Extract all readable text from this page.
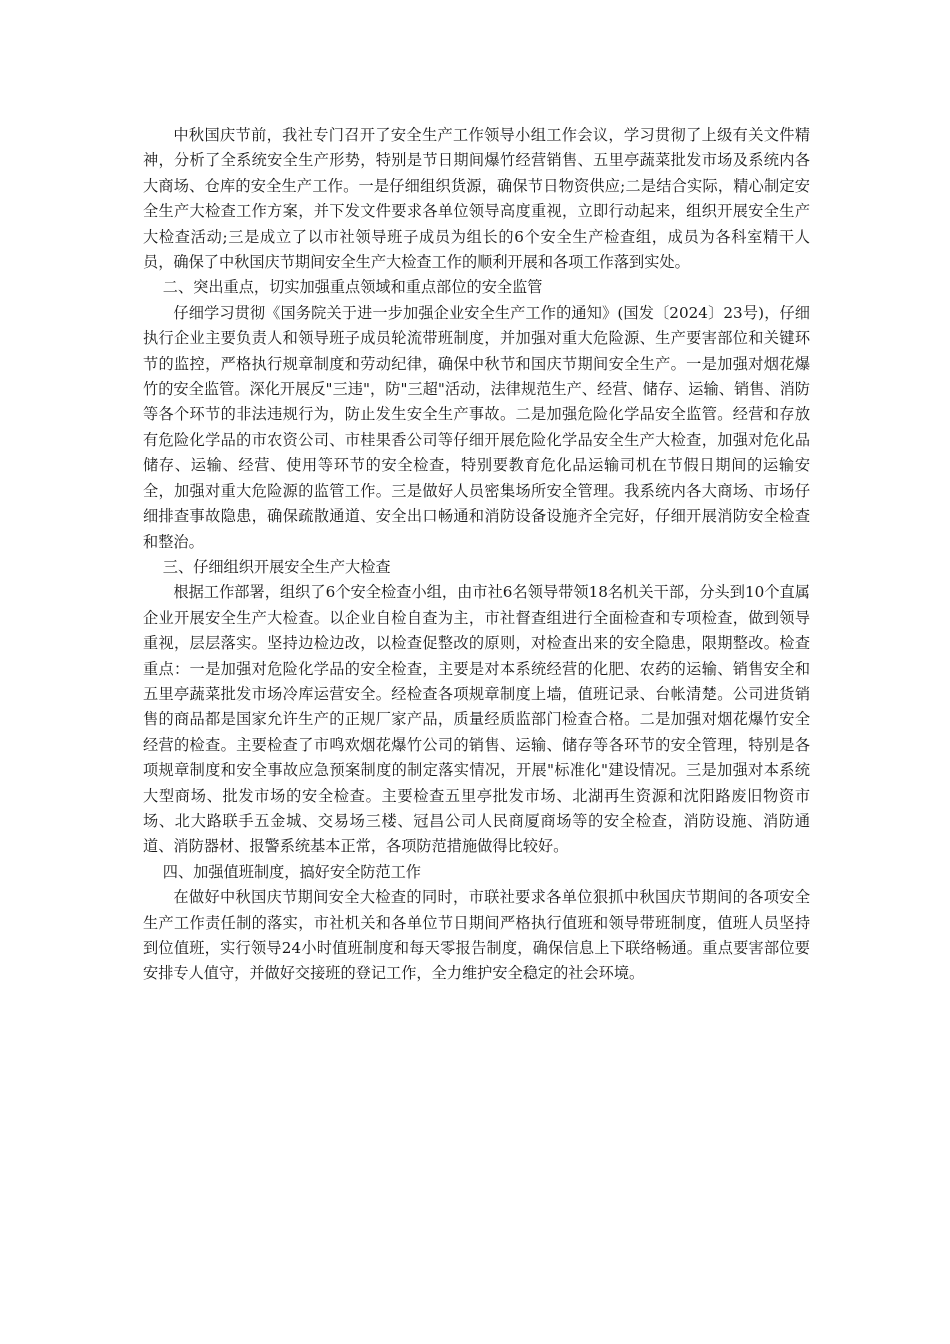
中秋国庆节前，我社专门召开了安全生产工作领导小组工作会议，学习贯彻了上级有关文件精神，分析了全系统安全生产形势，特别是节日期间爆竹经营销售、五里亭蔬菜批发市场及系统内各大商场、仓库的安全生产工作。一是仔细组织货源，确保节日物资供应;二是结合实际，精心制定安全生产大检查工作方案，并下发文件要求各单位领导高度重视，立即行动起来，组织开展安全生产大检查活动;三是成立了以市社领导班子成员为组长的6个安全生产检查组，成员为各科室精干人员，确保了中秋国庆节期间安全生产大检查工作的顺利开展和各项工作落到实处。

二、突出重点，切实加强重点领域和重点部位的安全监管

仔细学习贯彻《国务院关于进一步加强企业安全生产工作的通知》(国发〔2024〕23号)，仔细执行企业主要负责人和领导班子成员轮流带班制度，并加强对重大危险源、生产要害部位和关键环节的监控，严格执行规章制度和劳动纪律，确保中秋节和国庆节期间安全生产。一是加强对烟花爆竹的安全监管。深化开展反"三违"，防"三超"活动，法律规范生产、经营、储存、运输、销售、消防等各个环节的非法违规行为，防止发生安全生产事故。二是加强危险化学品安全监管。经营和存放有危险化学品的市农资公司、市桂果香公司等仔细开展危险化学品安全生产大检查，加强对危化品储存、运输、经营、使用等环节的安全检查，特别要教育危化品运输司机在节假日期间的运输安全，加强对重大危险源的监管工作。三是做好人员密集场所安全管理。我系统内各大商场、市场仔细排查事故隐患，确保疏散通道、安全出口畅通和消防设备设施齐全完好，仔细开展消防安全检查和整治。

三、仔细组织开展安全生产大检查

根据工作部署，组织了6个安全检查小组，由市社6名领导带领18名机关干部，分头到10个直属企业开展安全生产大检查。以企业自检自查为主，市社督查组进行全面检查和专项检查，做到领导重视，层层落实。坚持边检边改，以检查促整改的原则，对检查出来的安全隐患，限期整改。检查重点：一是加强对危险化学品的安全检查，主要是对本系统经营的化肥、农药的运输、销售安全和五里亭蔬菜批发市场冷库运营安全。经检查各项规章制度上墙，值班记录、台帐清楚。公司进货销售的商品都是国家允许生产的正规厂家产品，质量经质监部门检查合格。二是加强对烟花爆竹安全经营的检查。主要检查了市鸣欢烟花爆竹公司的销售、运输、储存等各环节的安全管理，特别是各项规章制度和安全事故应急预案制度的制定落实情况，开展"标准化"建设情况。三是加强对本系统大型商场、批发市场的安全检查。主要检查五里亭批发市场、北湖再生资源和沈阳路废旧物资市场、北大路联手五金城、交易场三楼、冠昌公司人民商厦商场等的安全检查，消防设施、消防通道、消防器材、报警系统基本正常，各项防范措施做得比较好。

四、加强值班制度，搞好安全防范工作

在做好中秋国庆节期间安全大检查的同时，市联社要求各单位狠抓中秋国庆节期间的各项安全生产工作责任制的落实，市社机关和各单位节日期间严格执行值班和领导带班制度，值班人员坚持到位值班，实行领导24小时值班制度和每天零报告制度，确保信息上下联络畅通。重点要害部位要安排专人值守，并做好交接班的登记工作，全力维护安全稳定的社会环境。
